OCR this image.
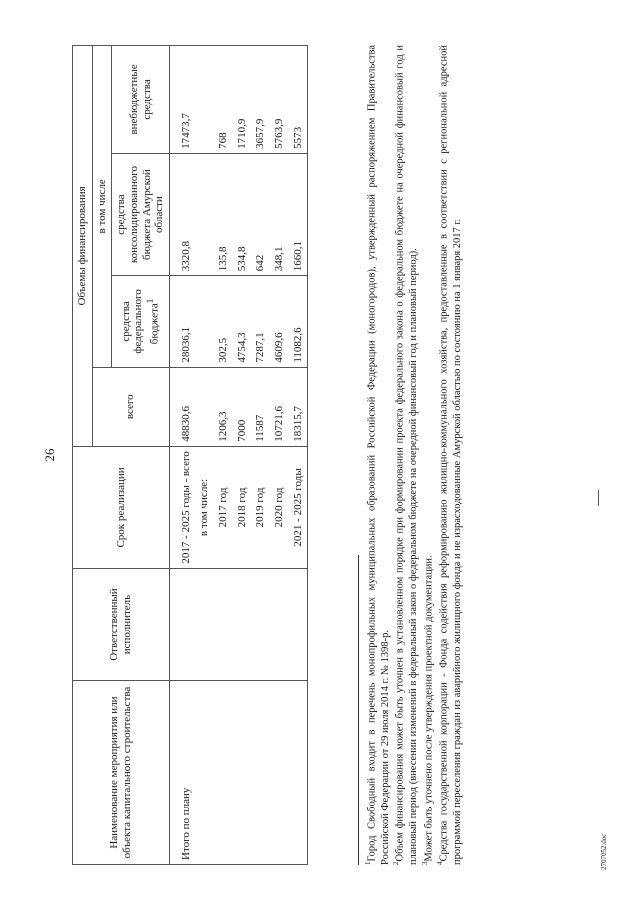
26
Наименование мероприятия или объекта капитального строительства	Ответственный исполнитель	Срок реализации	Объемы финансирования			
			всего	в том числе		
				средства федерального бюджета$^1$	средства консолидированного бюджета Амурской области	внебюджетные средства
Итого по плану		2017 - 2025 годы - всего	48830,6	28036,1	3320,8	17473,7
		в том числе:				
		2017 год	1206,3	302,5	135,8	768
		2018 год	7000	4754,3	534,8	1710,9
		2019 год	11587	7287,1	642	3657,9
		2020 год	10721,6	4609,6	348,1	5763,9
		2021 - 2025 годы	18315,7	11082,6	1660,1	5573

$^1$Город Свободный входит в перечень монопрофильных муниципальных образований Российской Федерации (моногородов), утвержденный распоряжением Правительства Российской Федерации от 29 июля 2014 г. № 1398-р. $^2$Объем финансирования может быть уточнен в установленном порядке при формировании проекта федерального закона о федеральном бюджете на очередной финансовый год и плановый период (внесении изменений в федеральный закон о федеральном бюджете на очередной финансовый год и плановый период). $^3$Может быть уточнено после утверждения проектной документации.

$^4$Средства государственной корпорации - Фонда содействия реформированию жилищно-коммунального хозяйства, предоставленные в соответствии с региональной адресной программой переселения граждан из аварийного жилищного фонда и не израсходованные Амурской областью по состоянию на 1 января 2017 г.	2707052.doc
